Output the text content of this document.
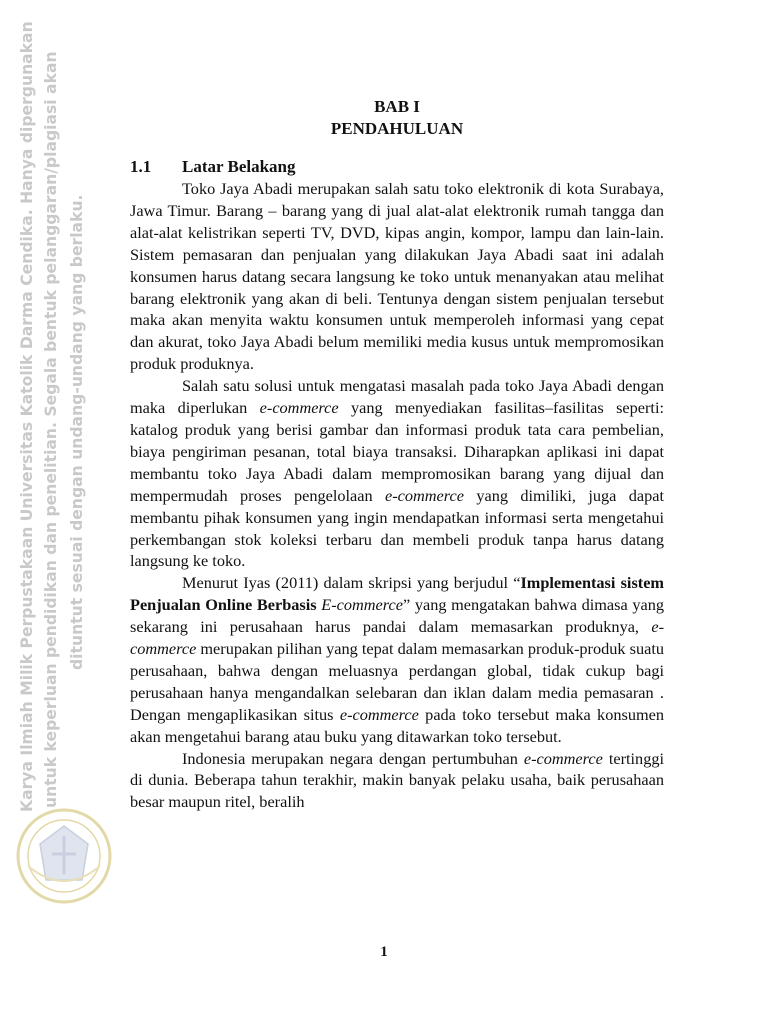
Karya Ilmiah Milik Perpustakaan Universitas Katolik Darma Cendika. Hanya dipergunakan untuk keperluan pendidikan dan penelitian. Segala bentuk pelanggaran/plagiasi akan dituntut sesuai dengan undang-undang yang berlaku.

BAB I

PENDAHULUAN

1.1	Latar Belakang

Toko Jaya Abadi merupakan salah satu toko elektronik di kota Surabaya, Jawa Timur. Barang – barang yang di jual alat-alat elektronik rumah tangga dan alat-alat kelistrikan seperti TV, DVD, kipas angin, kompor, lampu dan lain-lain. Sistem pemasaran dan penjualan yang dilakukan Jaya Abadi saat ini adalah konsumen harus datang secara langsung ke toko untuk menanyakan atau melihat barang elektronik yang akan di beli. Tentunya dengan sistem penjualan tersebut maka akan menyita waktu konsumen untuk memperoleh informasi yang cepat dan akurat, toko Jaya Abadi belum memiliki media kusus untuk mempromosikan produk produknya.

Salah satu solusi untuk mengatasi masalah pada toko Jaya Abadi dengan maka diperlukan e-commerce yang menyediakan fasilitas–fasilitas seperti: katalog produk yang berisi gambar dan informasi produk tata cara pembelian, biaya pengiriman pesanan, total biaya transaksi. Diharapkan aplikasi ini dapat membantu toko Jaya Abadi dalam mempromosikan barang yang dijual dan mempermudah proses pengelolaan e-commerce yang dimiliki, juga dapat membantu pihak konsumen yang ingin mendapatkan informasi serta mengetahui perkembangan stok koleksi terbaru dan membeli produk tanpa harus datang langsung ke toko.

Menurut Iyas (2011) dalam skripsi yang berjudul “Implementasi sistem Penjualan Online Berbasis E-commerce” yang mengatakan bahwa dimasa yang sekarang ini perusahaan harus pandai dalam memasarkan produknya, e-commerce merupakan pilihan yang tepat dalam memasarkan produk-produk suatu perusahaan, bahwa dengan meluasnya perdangan global, tidak cukup bagi perusahaan hanya mengandalkan selebaran dan iklan dalam media pemasaran . Dengan mengaplikasikan situs e-commerce pada toko tersebut maka konsumen akan mengetahui barang atau buku yang ditawarkan toko tersebut.

Indonesia merupakan negara dengan pertumbuhan e-commerce tertinggi di dunia. Beberapa tahun terakhir, makin banyak pelaku usaha, baik perusahaan besar maupun ritel, beralih

1
